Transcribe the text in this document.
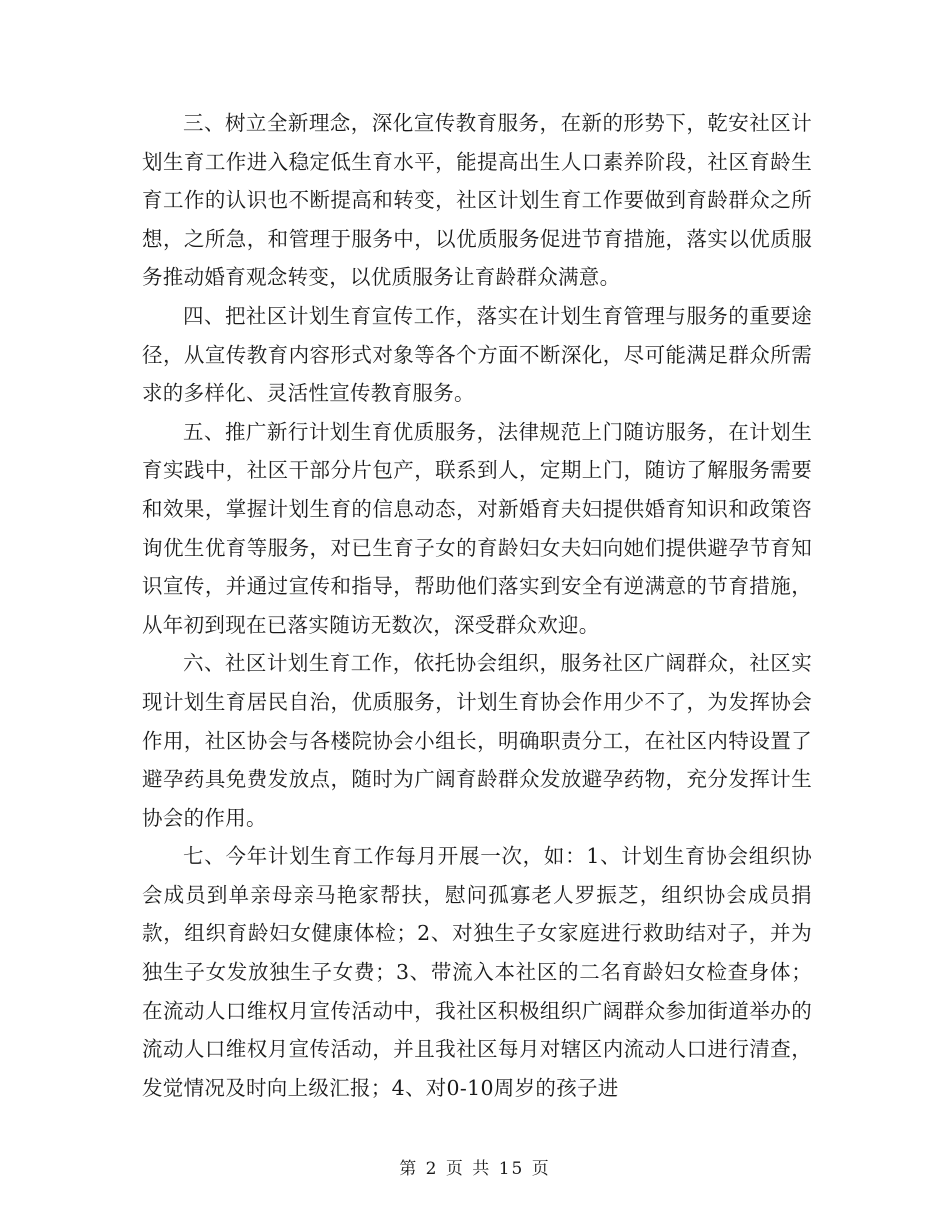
三、树立全新理念，深化宣传教育服务，在新的形势下，乾安社区计划生育工作进入稳定低生育水平，能提高出生人口素养阶段，社区育龄生育工作的认识也不断提高和转变，社区计划生育工作要做到育龄群众之所想，之所急，和管理于服务中，以优质服务促进节育措施，落实以优质服务推动婚育观念转变，以优质服务让育龄群众满意。

四、把社区计划生育宣传工作，落实在计划生育管理与服务的重要途径，从宣传教育内容形式对象等各个方面不断深化，尽可能满足群众所需求的多样化、灵活性宣传教育服务。

五、推广新行计划生育优质服务，法律规范上门随访服务，在计划生育实践中，社区干部分片包产，联系到人，定期上门，随访了解服务需要和效果，掌握计划生育的信息动态，对新婚育夫妇提供婚育知识和政策咨询优生优育等服务，对已生育子女的育龄妇女夫妇向她们提供避孕节育知识宣传，并通过宣传和指导，帮助他们落实到安全有逆满意的节育措施，从年初到现在已落实随访无数次，深受群众欢迎。

六、社区计划生育工作，依托协会组织，服务社区广阔群众，社区实现计划生育居民自治，优质服务，计划生育协会作用少不了，为发挥协会作用，社区协会与各楼院协会小组长，明确职责分工，在社区内特设置了避孕药具免费发放点，随时为广阔育龄群众发放避孕药物，充分发挥计生协会的作用。

七、今年计划生育工作每月开展一次，如：1、计划生育协会组织协会成员到单亲母亲马艳家帮扶，慰问孤寡老人罗振芝，组织协会成员捐款，组织育龄妇女健康体检；2、对独生子女家庭进行救助结对子，并为独生子女发放独生子女费；3、带流入本社区的二名育龄妇女检查身体；在流动人口维权月宣传活动中，我社区积极组织广阔群众参加街道举办的流动人口维权月宣传活动，并且我社区每月对辖区内流动人口进行清查，发觉情况及时向上级汇报；4、对0-10周岁的孩子进

第 2 页 共 15 页
